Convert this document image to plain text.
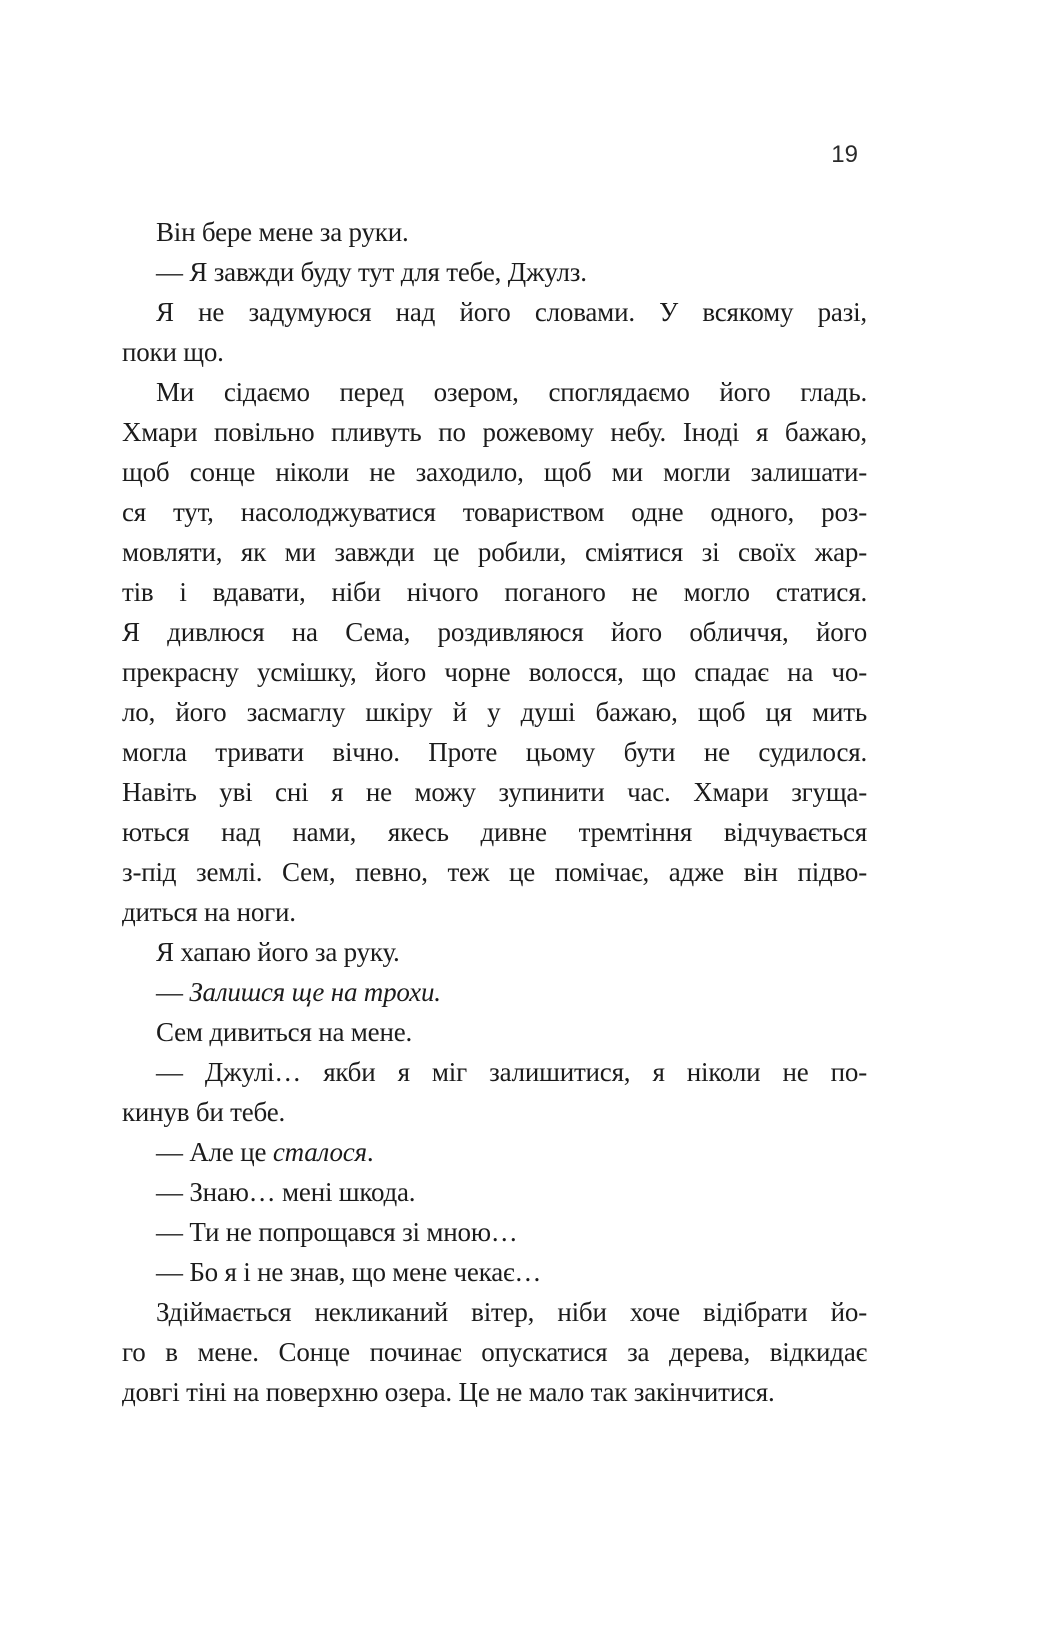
19
Він бере мене за руки.
— Я завжди буду тут для тебе, Джулз.
Я не задумуюся над його словами. У всякому разі,
поки що.
Ми сідаємо перед озером, споглядаємо його гладь.
Хмари повільно пливуть по рожевому небу. Іноді я бажаю,
щоб сонце ніколи не заходило, щоб ми могли залишати-
ся тут, насолоджуватися товариством одне одного, роз-
мовляти, як ми завжди це робили, сміятися зі своїх жар-
тів і вдавати, ніби нічого поганого не могло статися.
Я дивлюся на Сема, роздивляюся його обличчя, його
прекрасну усмішку, його чорне волосся, що спадає на чо-
ло, його засмаглу шкіру й у душі бажаю, щоб ця мить
могла тривати вічно. Проте цьому бути не судилося.
Навіть уві сні я не можу зупинити час. Хмари згуща-
ються над нами, якесь дивне тремтіння відчувається
з-під землі. Сем, певно, теж це помічає, адже він підво-
диться на ноги.
Я хапаю його за руку.
— Залишся ще на трохи.
Сем дивиться на мене.
— Джулі… якби я міг залишитися, я ніколи не по-
кинув би тебе.
— Але це сталося.
— Знаю… мені шкода.
— Ти не попрощався зі мною…
— Бо я і не знав, що мене чекає…
Здіймається некликаний вітер, ніби хоче відібрати йо-
го в мене. Сонце починає опускатися за дерева, відкидає
довгі тіні на поверхню озера. Це не мало так закінчитися.
